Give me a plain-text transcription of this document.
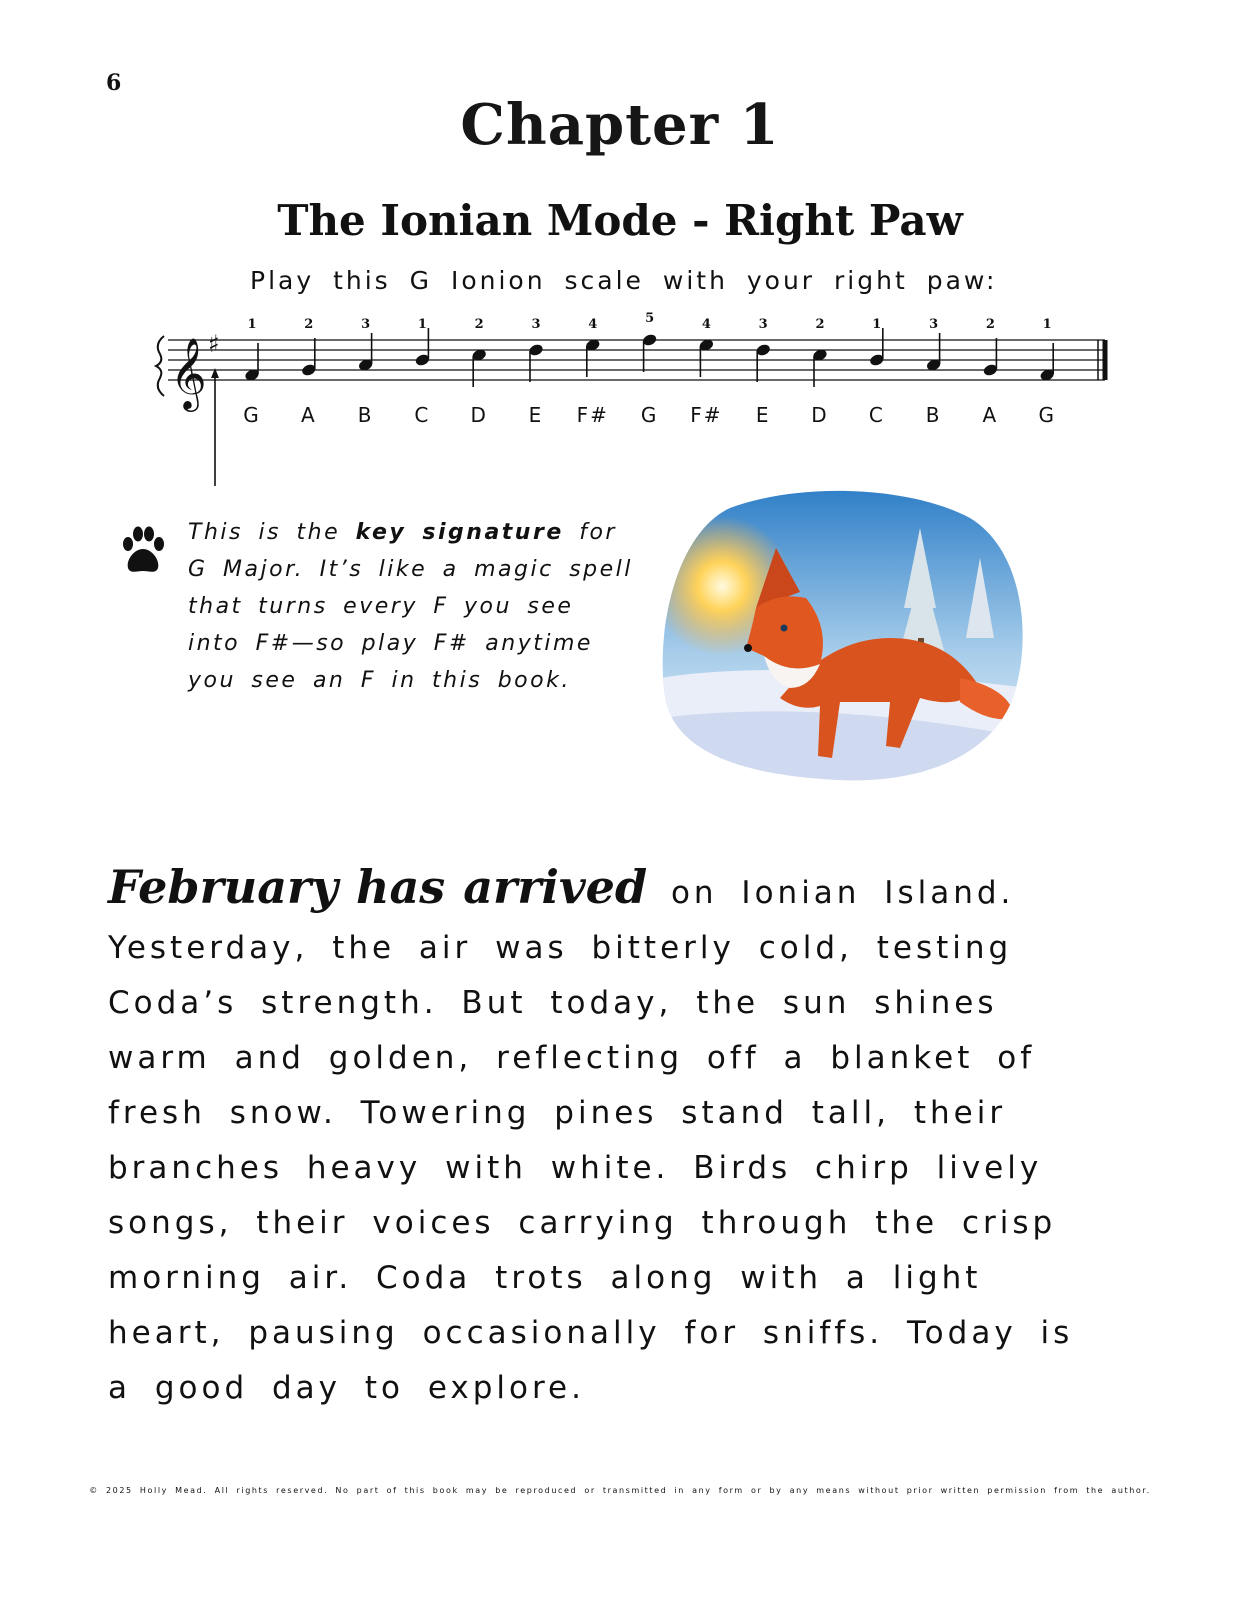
6
Chapter 1
The Ionian Mode - Right Paw
Play this G Ionion scale with your right paw:
𝄞 ♯
1	2	3	1	2	3	4	5	4	3	2	1	3	2	1
G A B C D E F# G F# E D C B A G

This is the key signature for

G Major. It’s like a magic spell

that turns every F you see

into F#—so play F# anytime

you see an F in this book.

February has arrived on Ionian Island.

Yesterday, the air was bitterly cold, testing

Coda’s strength. But today, the sun shines

warm and golden, reflecting off a blanket of

fresh snow. Towering pines stand tall, their

branches heavy with white. Birds chirp lively

songs, their voices carrying through the crisp

morning air. Coda trots along with a light

heart, pausing occasionally for sniffs. Today is

a good day to explore.

© 2025 Holly Mead. All rights reserved. No part of this book may be reproduced or transmitted in any form or by any means without prior written permission from the author.
